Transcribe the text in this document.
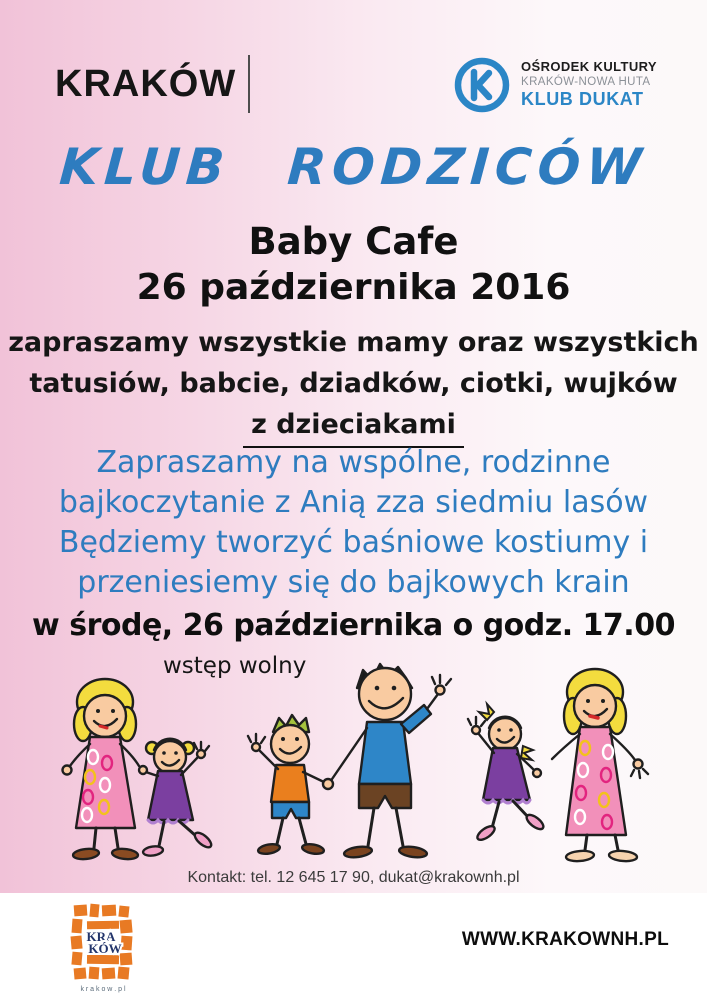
KRAKÓW	OŚRODEK KULTURY
KRAKÓW-NOWA HUTA
KLUB DUKAT
KLUB RODZICÓW
Baby Cafe
26 października 2016
zapraszamy wszystkie mamy oraz wszystkich
tatusiów, babcie, dziadków, ciotki, wujków
z dzieciakami
Zapraszamy na wspólne, rodzinne
bajkoczytanie z Anią zza siedmiu lasów
Będziemy tworzyć baśniowe kostiumy i
przeniesiemy się do bajkowych krain
w środę, 26 października o godz. 17.00
wstęp wolny
Kontakt: tel. 12 645 17 90, dukat@krakownh.pl
KRA
KÓW
k r a k o w . p l
WWW.KRAKOWNH.PL
